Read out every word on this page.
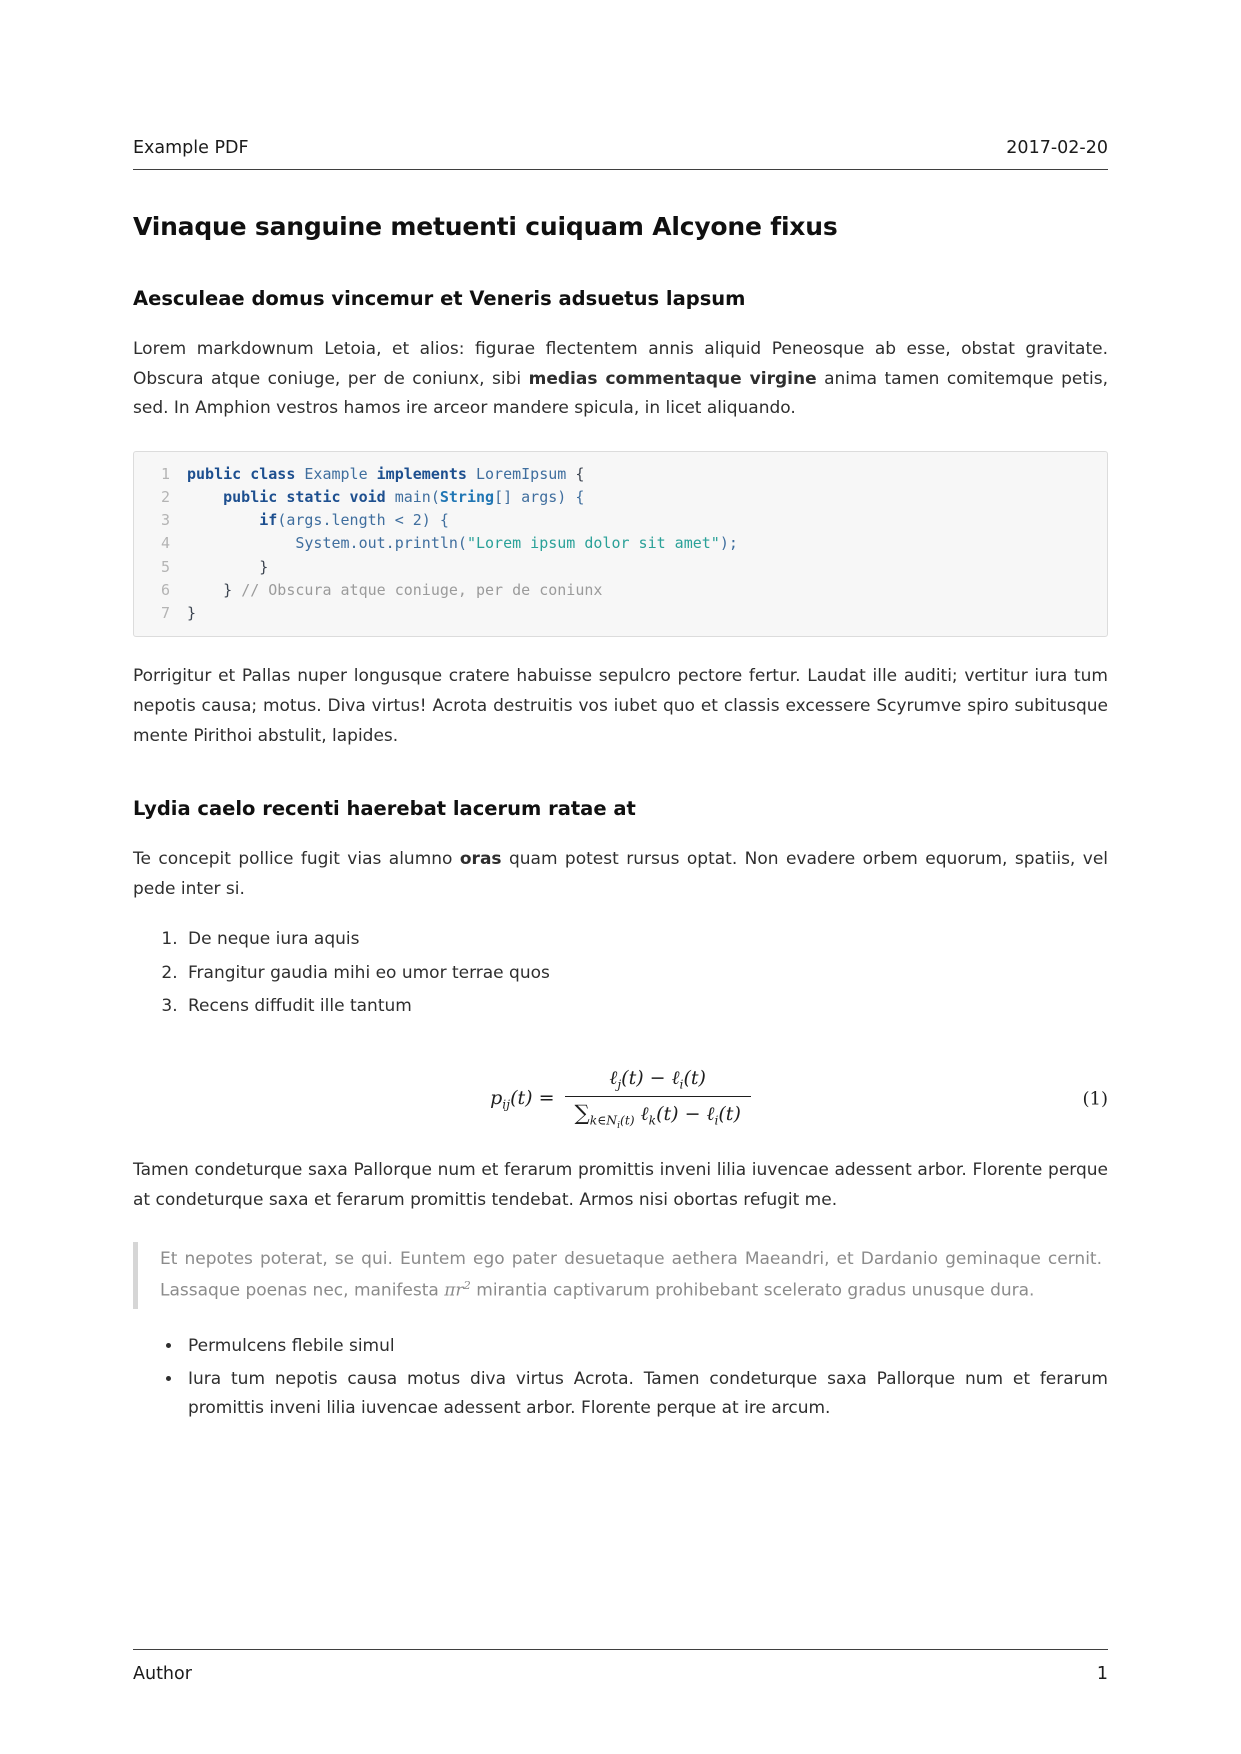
Example PDF	2017-02-20
Vinaque sanguine metuenti cuiquam Alcyone fixus
Aesculeae domus vincemur et Veneris adsuetus lapsum

Lorem markdownum Letoia, et alios: figurae flectentem annis aliquid Peneosque ab esse, obstat gravitate. Obscura atque coniuge, per de coniunx, sibi medias commentaque virgine anima tamen comitemque petis, sed. In Amphion vestros hamos ire arceor mandere spicula, in licet aliquando.

1 public class Example implements LoremIpsum {
2	public static void main(String[] args) {
3	if(args.length < 2) {
4	System.out.println("Lorem ipsum dolor sit amet");
5 }
6 } // Obscura atque coniuge, per de coniunx
7 }

Porrigitur et Pallas nuper longusque cratere habuisse sepulcro pectore fertur. Laudat ille auditi; vertitur iura tum nepotis causa; motus. Diva virtus! Acrota destruitis vos iubet quo et classis excessere Scyrumve spiro subitusque mente Pirithoi abstulit, lapides.

Lydia caelo recenti haerebat lacerum ratae at

Te concepit pollice fugit vias alumno oras quam potest rursus optat. Non evadere orbem equorum, spatiis, vel pede inter si.

1. De neque iura aquis
2. Frangitur gaudia mihi eo umor terrae quos
3. Recens diffudit ille tantum
$p_{ij}(t) = \frac{\ell_j(t) - \ell_i(t)}{\sum_{k\in Ni(t)} \ell_k(t) - \ell_i(t)}$	(1)

Tamen condeturque saxa Pallorque num et ferarum promittis inveni lilia iuvencae adessent arbor. Florente perque at condeturque saxa et ferarum promittis tendebat. Armos nisi obortas refugit me.

Et nepotes poterat, se qui. Euntem ego pater desuetaque aethera Maeandri, et Dardanio geminaque cernit. Lassaque poenas nec, manifesta $\pi r^2$ mirantia captivarum prohibebant scelerato gradus unusque dura.
• Permulcens flebile simul
• Iura tum nepotis causa motus diva virtus Acrota. Tamen condeturque saxa Pallorque num et ferarum promittis inveni lilia iuvencae adessent arbor. Florente perque at ire arcum.
Author	1
